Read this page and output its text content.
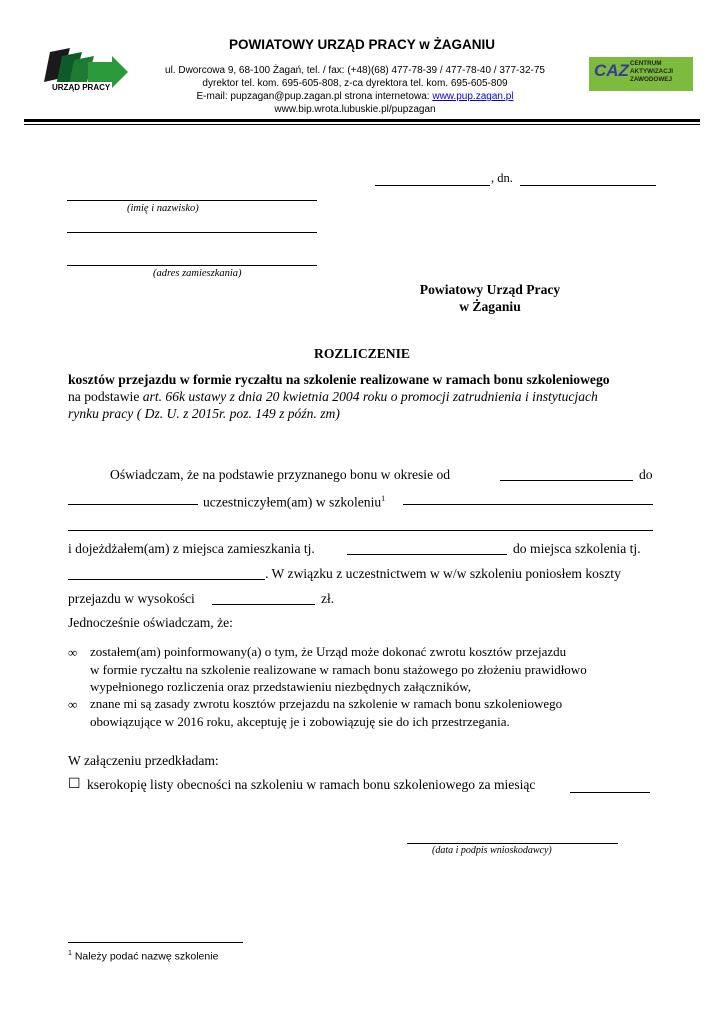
URZĄD PRACY
POWIATOWY URZĄD PRACY w ŻAGANIU
ul. Dworcowa 9, 68-100 Żagań, tel. / fax: (+48)(68) 477-78-39 / 477-78-40 / 377-32-75
dyrektor tel. kom. 695-605-808, z-ca dyrektora tel. kom. 695-605-809
E-mail: pupzagan@pup.zagan.pl strona internetowa: www.pup.zagan.pl
www.bip.wrota.lubuskie.pl/pupzagan
CAZ CENTRUM
AKTYWIZACJI
ZAWODOWEJ
, dn.
(imię i nazwisko)
(adres zamieszkania)
Powiatowy Urząd Pracy
w Żaganiu
ROZLICZENIE
kosztów przejazdu w formie ryczałtu na szkolenie realizowane w ramach bonu szkoleniowego
na podstawie art. 66k ustawy z dnia 20 kwietnia 2004 roku o promocji zatrudnienia i instytucjach
rynku pracy ( Dz. U. z 2015r. poz. 149 z późn. zm)
Oświadczam, że na podstawie przyznanego bonu w okresie od	do
uczestniczyłem(am) w szkoleniu$^1$
i dojeżdżałem(am) z miejsca zamieszkania tj.	do miejsca szkolenia tj.
. W związku z uczestnictwem w w/w szkoleniu poniosłem koszty
przejazdu w wysokości	zł.
Jednocześnie oświadczam, że:
∞ zostałem(am) poinformowany(a) o tym, że Urząd może dokonać zwrotu kosztów przejazdu
w formie ryczałtu na szkolenie realizowane w ramach bonu stażowego po złożeniu prawidłowo
wypełnionego rozliczenia oraz przedstawieniu niezbędnych załączników,
∞ znane mi są zasady zwrotu kosztów przejazdu na szkolenie w ramach bonu szkoleniowego
obowiązujące w 2016 roku, akceptuję je i zobowiązuję sie do ich przestrzegania.
W załączeniu przedkładam:
☐ kserokopię listy obecności na szkoleniu w ramach bonu szkoleniowego za miesiąc
(data i podpis wnioskodawcy)
$^1$ Należy podać nazwę szkolenie
